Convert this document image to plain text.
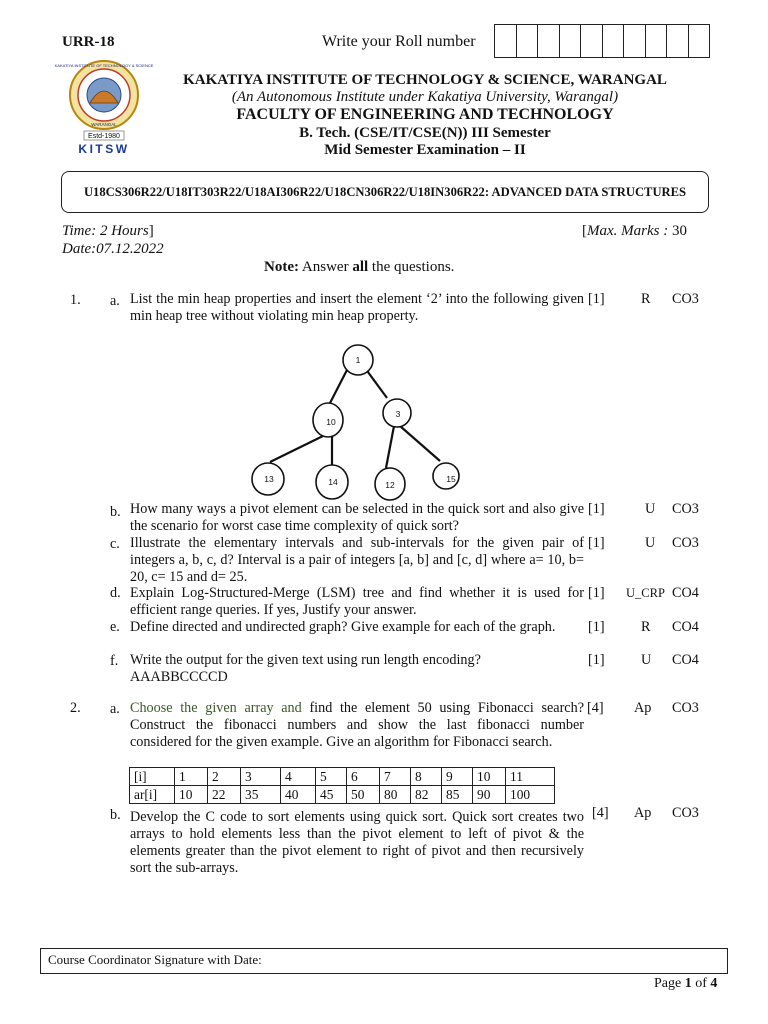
URR-18	Write your Roll number
KAKATIYA INSTITUTE OF TECHNOLOGY & SCIENCE
WARANGAL
Estd-1980
KITSW
KAKATIYA INSTITUTE OF TECHNOLOGY & SCIENCE, WARANGAL
(An Autonomous Institute under Kakatiya University, Warangal)
FACULTY OF ENGINEERING AND TECHNOLOGY
B. Tech. (CSE/IT/CSE(N)) III Semester
Mid Semester Examination – II
U18CS306R22/U18IT303R22/U18AI306R22/U18CN306R22/U18IN306R22: ADVANCED DATA STRUCTURES
Time: 2 Hours]
Date:07.12.2022
[Max. Marks : 30
Note: Answer all the questions.
1. a. List the min heap properties and insert the element ‘2’ into the following given min heap tree without violating min heap property.
[1]	R CO3
1
10
3
13	14	12
15
b. How many ways a pivot element can be selected in the quick sort and also give the scenario for worst case time complexity of quick sort?
[1]	U CO3
c. Illustrate the elementary intervals and sub-intervals for the given pair of integers a, b, c, d? Interval is a pair of integers [a, b] and [c, d] where a= 10, b= 20, c= 15 and d= 25.
[1]	U CO3
d. Explain Log-Structured-Merge (LSM) tree and find whether it is used for efficient range queries. If yes, Justify your answer.
[1] U_CRP CO4
e. Define directed and undirected graph? Give example for each of the graph.	[1]	R CO4
f. Write the output for the given text using run length encoding?
AAABBCCCCD
[1]	U CO4
2. a. Choose the given array and find the element 50 using Fibonacci search? Construct the fibonacci numbers and show the last fibonacci number considered for the given example. Give an algorithm for Fibonacci search.
[4] Ap CO3
[i]	1	2	3	4	5	6	7	8	9	10	11
ar[i]	10	22	35	40	45	50	80	82	85	90	100
b. Develop the C code to sort elements using quick sort. Quick sort creates two arrays to hold elements less than the pivot element to left of pivot & the elements greater than the pivot element to right of pivot and then recursively sort the sub-arrays.
[4] Ap CO3
Course Coordinator Signature with Date:
Page 1 of 4
